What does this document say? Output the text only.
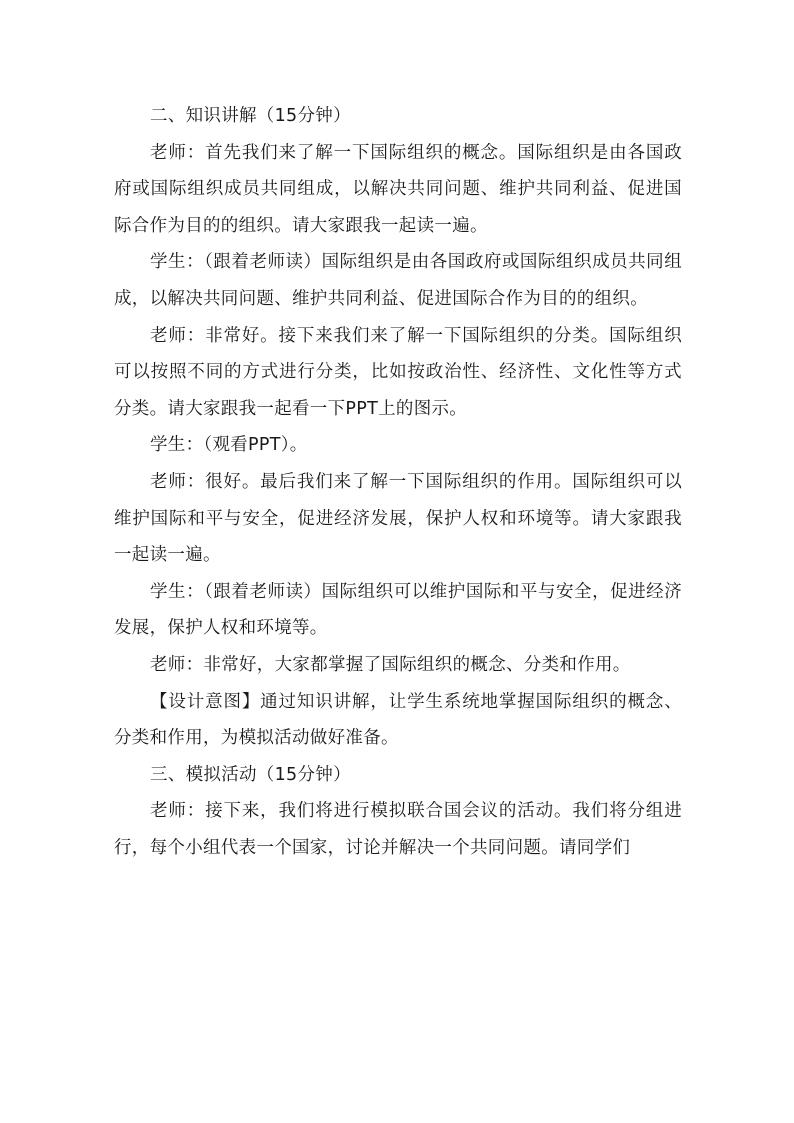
二、知识讲解（15分钟）

老师：首先我们来了解一下国际组织的概念。国际组织是由各国政府或国际组织成员共同组成，以解决共同问题、维护共同利益、促进国际合作为目的的组织。请大家跟我一起读一遍。

学生：（跟着老师读）国际组织是由各国政府或国际组织成员共同组成，以解决共同问题、维护共同利益、促进国际合作为目的的组织。

老师：非常好。接下来我们来了解一下国际组织的分类。国际组织可以按照不同的方式进行分类，比如按政治性、经济性、文化性等方式分类。请大家跟我一起看一下PPT上的图示。

学生：（观看PPT）。

老师：很好。最后我们来了解一下国际组织的作用。国际组织可以维护国际和平与安全，促进经济发展，保护人权和环境等。请大家跟我一起读一遍。

学生：（跟着老师读）国际组织可以维护国际和平与安全，促进经济发展，保护人权和环境等。

老师：非常好，大家都掌握了国际组织的概念、分类和作用。

【设计意图】通过知识讲解，让学生系统地掌握国际组织的概念、分类和作用，为模拟活动做好准备。

三、模拟活动（15分钟）

老师：接下来，我们将进行模拟联合国会议的活动。我们将分组进行，每个小组代表一个国家，讨论并解决一个共同问题。请同学们
